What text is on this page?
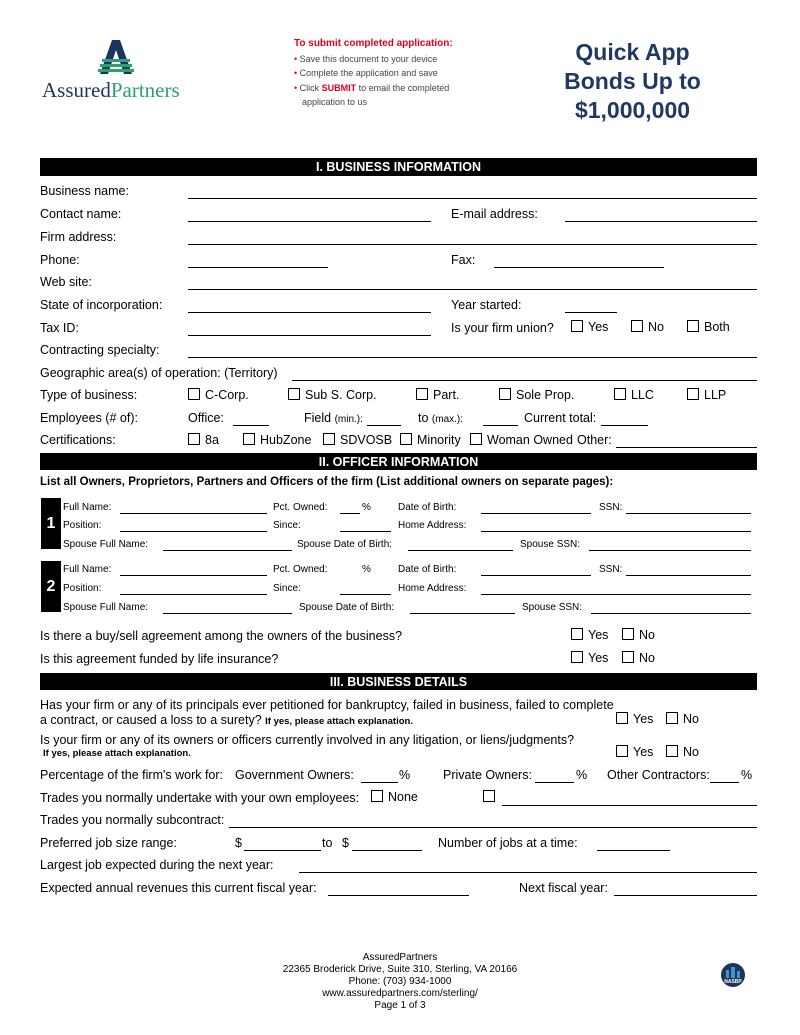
AssuredPartners
To submit completed application:
• Save this document to your device
• Complete the application and save
• Click SUBMIT to email the completed
application to us
Quick App
Bonds Up to
$1,000,000
I. BUSINESS INFORMATION
Business name:
Contact name:	E-mail address:
Firm address:
Phone:	Fax:
Web site:
State of incorporation:	Year started:
Tax ID:	Is your firm union?	Yes	No	Both
Contracting specialty:
Geographic area(s) of operation: (Territory)
Type of business:	C-Corp.	Sub S. Corp.	Part.	Sole Prop.	LLC	LLP
Employees (# of):	Office:	Field (min.):	to (max.):	Current total:
Certifications:	8a	HubZone SDVOSB Minority Woman Owned Other:
II. OFFICER INFORMATION
List all Owners, Proprietors, Partners and Officers of the firm (List additional owners on separate pages):
1
Full Name:	Pct. Owned:	%	Date of Birth:	SSN:
Position:	Since:	Home Address:
Spouse Full Name:	Spouse Date of Birth:	Spouse SSN:
2
Full Name:	Pct. Owned:	%	Date of Birth:	SSN:
Position:	Since:	Home Address:
Spouse Full Name:	Spouse Date of Birth:	Spouse SSN:
Is there a buy/sell agreement among the owners of the business?	Yes No
Is this agreement funded by life insurance?	Yes No
III. BUSINESS DETAILS
Has your firm or any of its principals ever petitioned for bankruptcy, failed in business, failed to complete
a contract, or caused a loss to a surety? If yes, please attach explanation.	Yes No
Is your firm or any of its owners or officers currently involved in any litigation, or liens/judgments?
If yes, please attach explanation.	Yes No
Percentage of the firm's work for: Government Owners:	%	Private Owners:	% Other Contractors: %
Trades you normally undertake with your own employees: None
Trades you normally subcontract:
Preferred job size range:	$	to $	Number of jobs at a time:
Largest job expected during the next year:
Expected annual revenues this current fiscal year:	Next fiscal year:
AssuredPartners
22365 Broderick Drive, Suite 310, Sterling, VA 20166
Phone: (703) 934-1000
www.assuredpartners.com/sterling/
Page 1 of 3
NASBP
